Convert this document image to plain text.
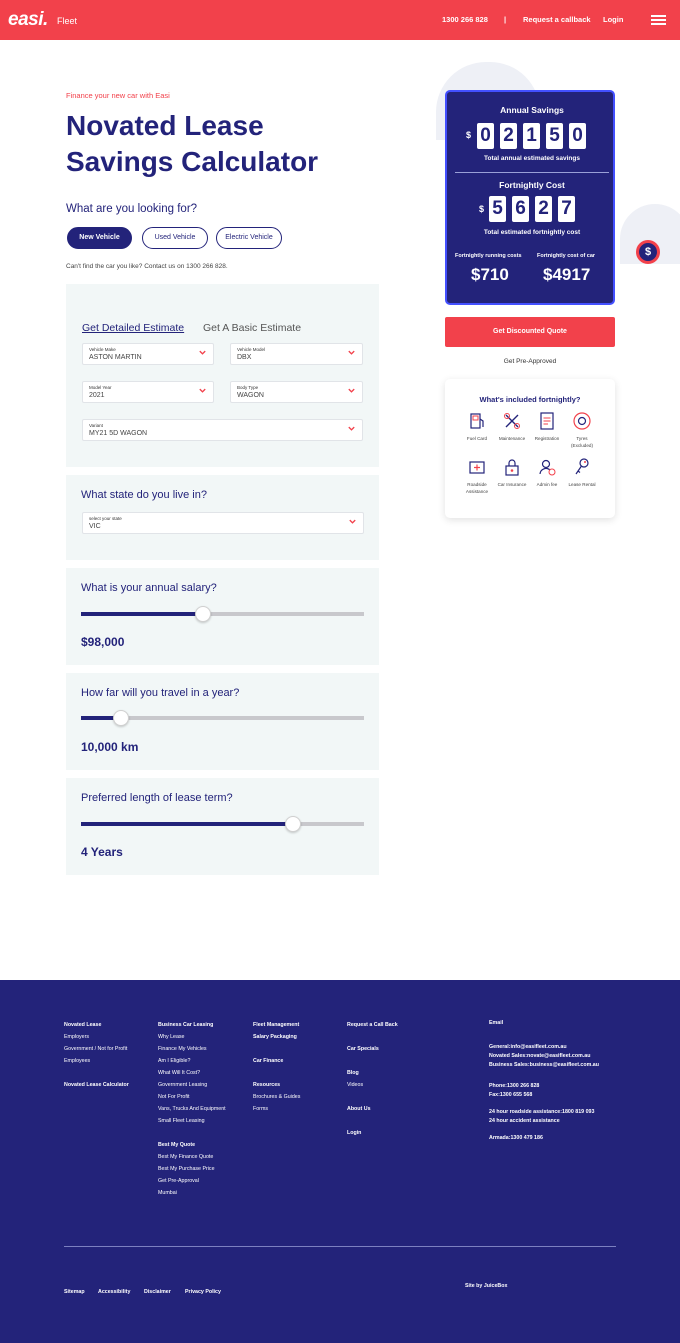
easi. Fleet	1300 266 828 | Request a callback Login
Finance your new car with Easi
Novated Lease Savings Calculator
What are you looking for?
New Vehicle	Used Vehicle	Electric Vehicle
Can't find the car you like? Contact us on 1300 266 828.
Get Detailed Estimate Get A Basic Estimate
Vehicle Make
ASTON MARTIN
Vehicle Model
DBX
Model Year
2021
Body Type
WAGON
Variant
MY21 5D WAGON
What state do you live in?
select your state
VIC
What is your annual salary?
$98,000
How far will you travel in a year?
10,000 km
Preferred length of lease term?
4 Years
Annual Savings
$ 0 2 1 5 0
Total annual estimated savings
Fortnightly Cost
$ 5 6 2 7
Total estimated fortnightly cost
Fortnightly running costs	Fortnightly cost of car
$710 $4917
$
Get Discounted Quote
Get Pre-Approved
What's included fortnightly?
Fuel Card	Maintenance	Registration	Tyres (Excluded)
Roadside Assistance
Car Insurance	Admin fee	Lease Rental
Novated Lease
Employers
Government / Not for Profit
Employees
Novated Lease Calculator
Business Car Leasing
Why Lease
Finance My Vehicles
Am I Eligible?
What Will It Cost?
Government Leasing
Not For Profit
Vans, Trucks And Equipment
Small Fleet Leasing
Best My Quote
Best My Finance Quote
Best My Purchase Price
Get Pre-Approval
Mumbai
Fleet Management
Salary Packaging
Car Finance
Resources
Brochures & Guides
Forms
Request a Call Back
Car Specials
Blog
Videos
About Us
Login
Email
General:info@easifleet.com.au
Novated Sales:novate@easifleet.com.au
Business Sales:business@easifleet.com.au
Phone:1300 266 828
Fax:1300 655 568
24 hour roadside assistance:1800 819 093
24 hour accident assistance
Armada:1300 479 186
Sitemap	Accessibility	Disclaimer	Privacy Policy
Site by JuiceBox
